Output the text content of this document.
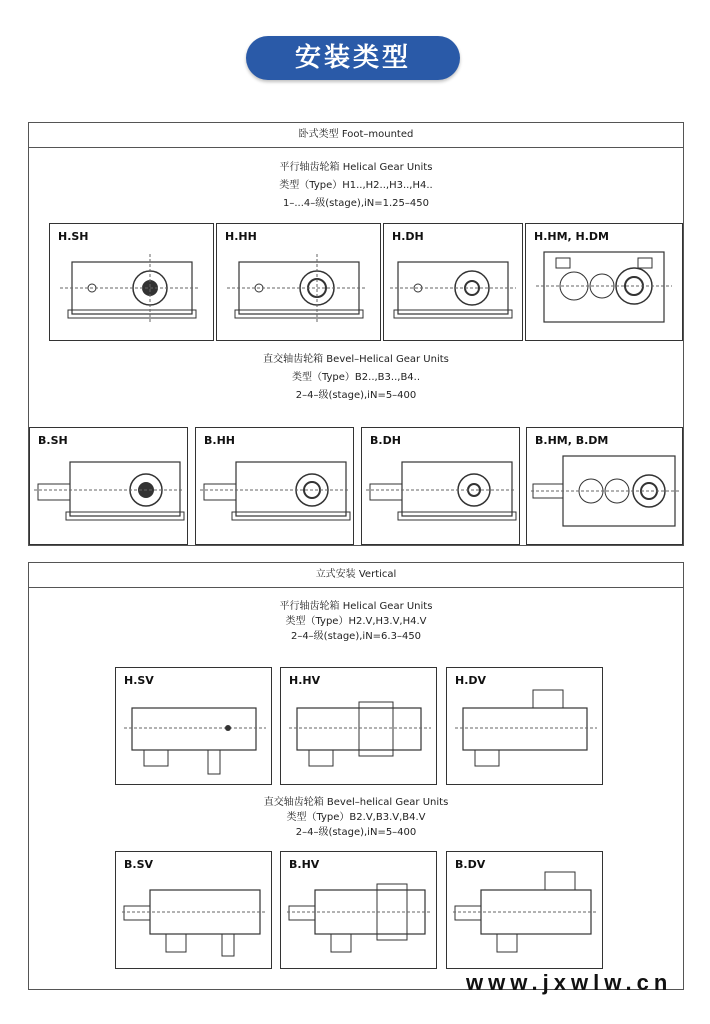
安装类型
卧式类型 Foot–mounted
平行轴齿轮箱 Helical Gear Units
类型（Type）H1..,H2..,H3..,H4..
1–...4–级(stage),iN=1.25–450
H.SH	H.HH	H.DH	H.HM, H.DM
直交轴齿轮箱 Bevel–Helical Gear Units
类型（Type）B2..,B3..,B4..
2–4–级(stage),iN=5–400
B.SH	B.HH	B.DH	B.HM, B.DM
立式安装 Vertical
平行轴齿轮箱 Helical Gear Units
类型（Type）H2.V,H3.V,H4.V
2–4–级(stage),iN=6.3–450
H.SV	H.HV	H.DV
直交轴齿轮箱 Bevel–helical Gear Units
类型（Type）B2.V,B3.V,B4.V
2–4–级(stage),iN=5–400
B.SV	B.HV	B.DV
www.jxwlw.cn
